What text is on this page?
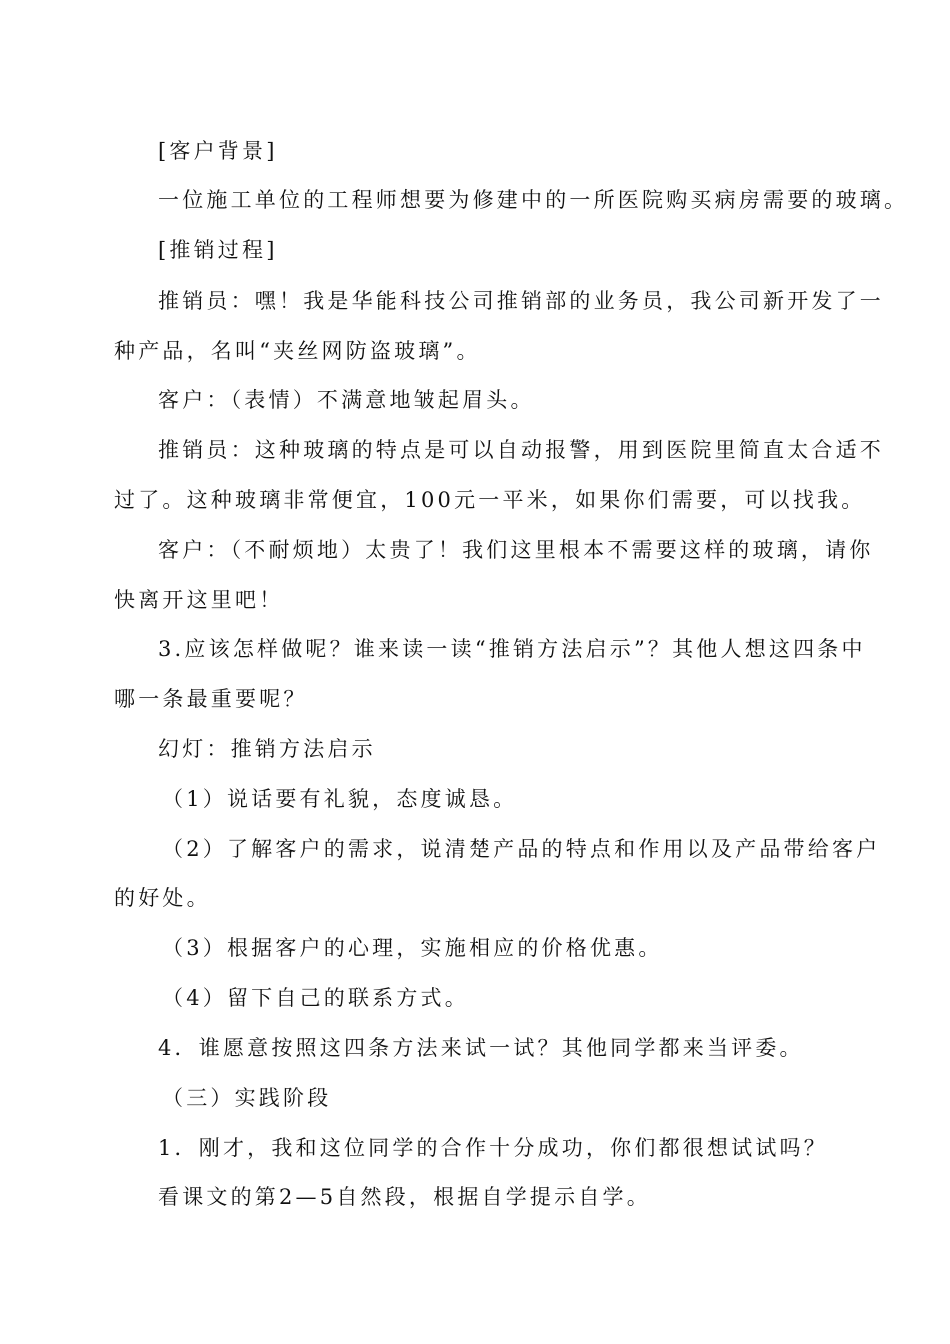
[客户背景]
一位施工单位的工程师想要为修建中的一所医院购买病房需要的玻璃。
[推销过程]
推销员：嘿！我是华能科技公司推销部的业务员，我公司新开发了一
种产品，名叫“夹丝网防盗玻璃”。
客户：（表情）不满意地皱起眉头。
推销员：这种玻璃的特点是可以自动报警，用到医院里简直太合适不
过了。这种玻璃非常便宜，100元一平米，如果你们需要，可以找我。
客户：（不耐烦地）太贵了！我们这里根本不需要这样的玻璃，请你
快离开这里吧！
3.应该怎样做呢？谁来读一读“推销方法启示”？其他人想这四条中
哪一条最重要呢？
幻灯：推销方法启示
（1）说话要有礼貌，态度诚恳。
（2）了解客户的需求，说清楚产品的特点和作用以及产品带给客户
的好处。
（3）根据客户的心理，实施相应的价格优惠。
（4）留下自己的联系方式。
4．谁愿意按照这四条方法来试一试？其他同学都来当评委。
（三）实践阶段
1．刚才，我和这位同学的合作十分成功，你们都很想试试吗？
看课文的第2—5自然段，根据自学提示自学。
